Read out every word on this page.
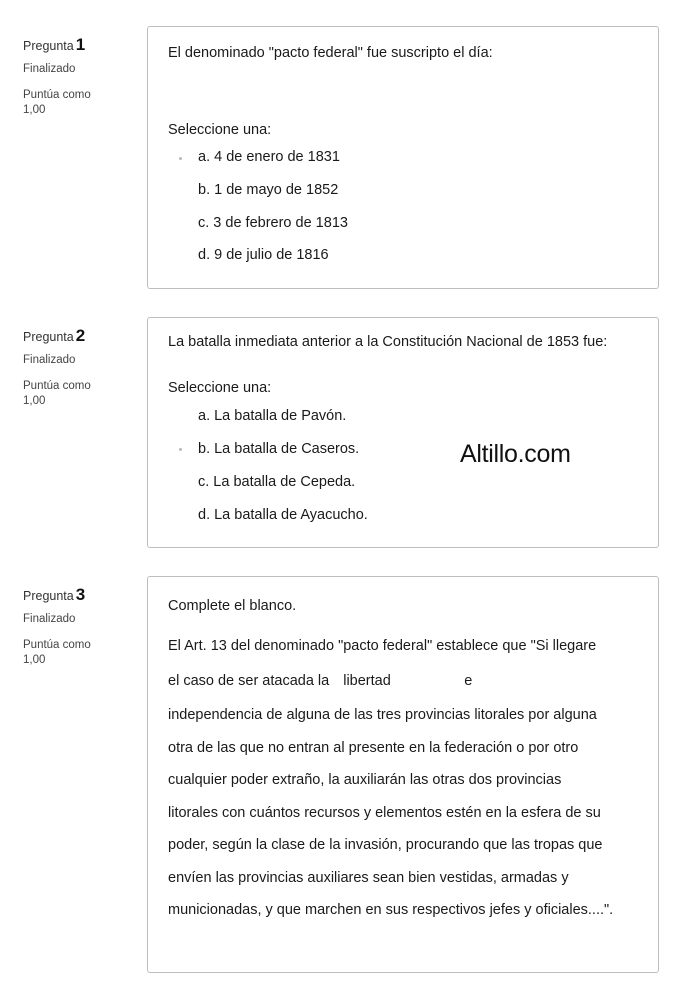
Pregunta 1
Finalizado
Puntúa como
1,00
El denominado "pacto federal" fue suscripto el día:
Seleccione una:
a. 4 de enero de 1831
b. 1 de mayo de 1852
c. 3 de febrero de 1813
d. 9 de julio de 1816
Pregunta 2
Finalizado
Puntúa como
1,00
La batalla inmediata anterior a la Constitución Nacional de 1853 fue:
Seleccione una:
a. La batalla de Pavón.
b. La batalla de Caseros.
c. La batalla de Cepeda.
d. La batalla de Ayacucho.
Altillo.com
Pregunta 3
Finalizado
Puntúa como
1,00
Complete el blanco.
El Art. 13 del denominado "pacto federal" establece que "Si llegare
el caso de ser atacada la libertad	e
independencia de alguna de las tres provincias litorales por alguna
otra de las que no entran al presente en la federación o por otro
cualquier poder extraño, la auxiliarán las otras dos provincias
litorales con cuántos recursos y elementos estén en la esfera de su
poder, según la clase de la invasión, procurando que las tropas que
envíen las provincias auxiliares sean bien vestidas, armadas y
municionadas, y que marchen en sus respectivos jefes y oficiales....".
